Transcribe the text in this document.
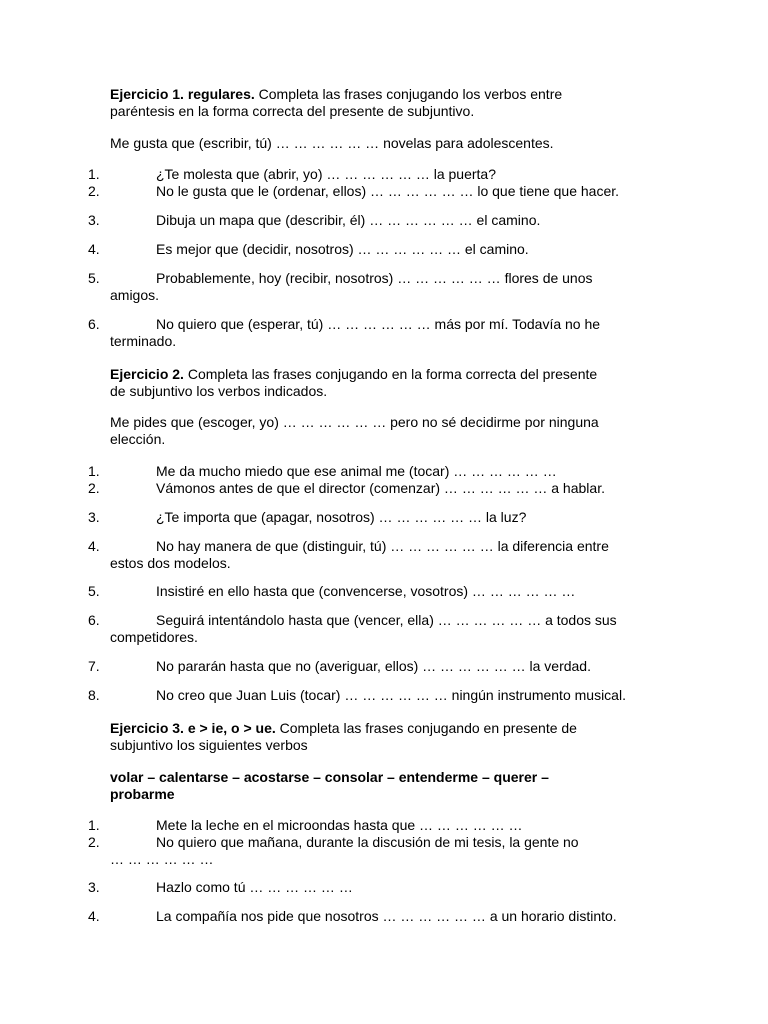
Ejercicio 1. regulares. Completa las frases conjugando los verbos entre
paréntesis en la forma correcta del presente de subjuntivo.
Me gusta que (escribir, tú) … … … … … … novelas para adolescentes.
1.	¿Te molesta que (abrir, yo) … … … … … … la puerta?
2.	No le gusta que le (ordenar, ellos) … … … … … … lo que tiene que hacer.
3.	Dibuja un mapa que (describir, él) … … … … … … el camino.
4.	Es mejor que (decidir, nosotros) … … … … … … el camino.
5.	Probablemente, hoy (recibir, nosotros) … … … … … … flores de unos
amigos.
6.	No quiero que (esperar, tú) … … … … … … más por mí. Todavía no he
terminado.
Ejercicio 2. Completa las frases conjugando en la forma correcta del presente
de subjuntivo los verbos indicados.
Me pides que (escoger, yo) … … … … … … pero no sé decidirme por ninguna
elección.
1.	Me da mucho miedo que ese animal me (tocar) … … … … … …
2.	Vámonos antes de que el director (comenzar) … … … … … … a hablar.
3.	¿Te importa que (apagar, nosotros) … … … … … … la luz?
4.	No hay manera de que (distinguir, tú) … … … … … … la diferencia entre
estos dos modelos.
5.	Insistiré en ello hasta que (convencerse, vosotros) … … … … … …
6.	Seguirá intentándolo hasta que (vencer, ella) … … … … … … a todos sus
competidores.
7.	No pararán hasta que no (averiguar, ellos) … … … … … … la verdad.
8.	No creo que Juan Luis (tocar) … … … … … … ningún instrumento musical.
Ejercicio 3. e > ie, o > ue. Completa las frases conjugando en presente de
subjuntivo los siguientes verbos
volar – calentarse – acostarse – consolar – entenderme – querer –
probarme
1.	Mete la leche en el microondas hasta que … … … … … …
2.	No quiero que mañana, durante la discusión de mi tesis, la gente no
… … … … … …
3.	Hazlo como tú … … … … … …
4.	La compañía nos pide que nosotros … … … … … … a un horario distinto.
